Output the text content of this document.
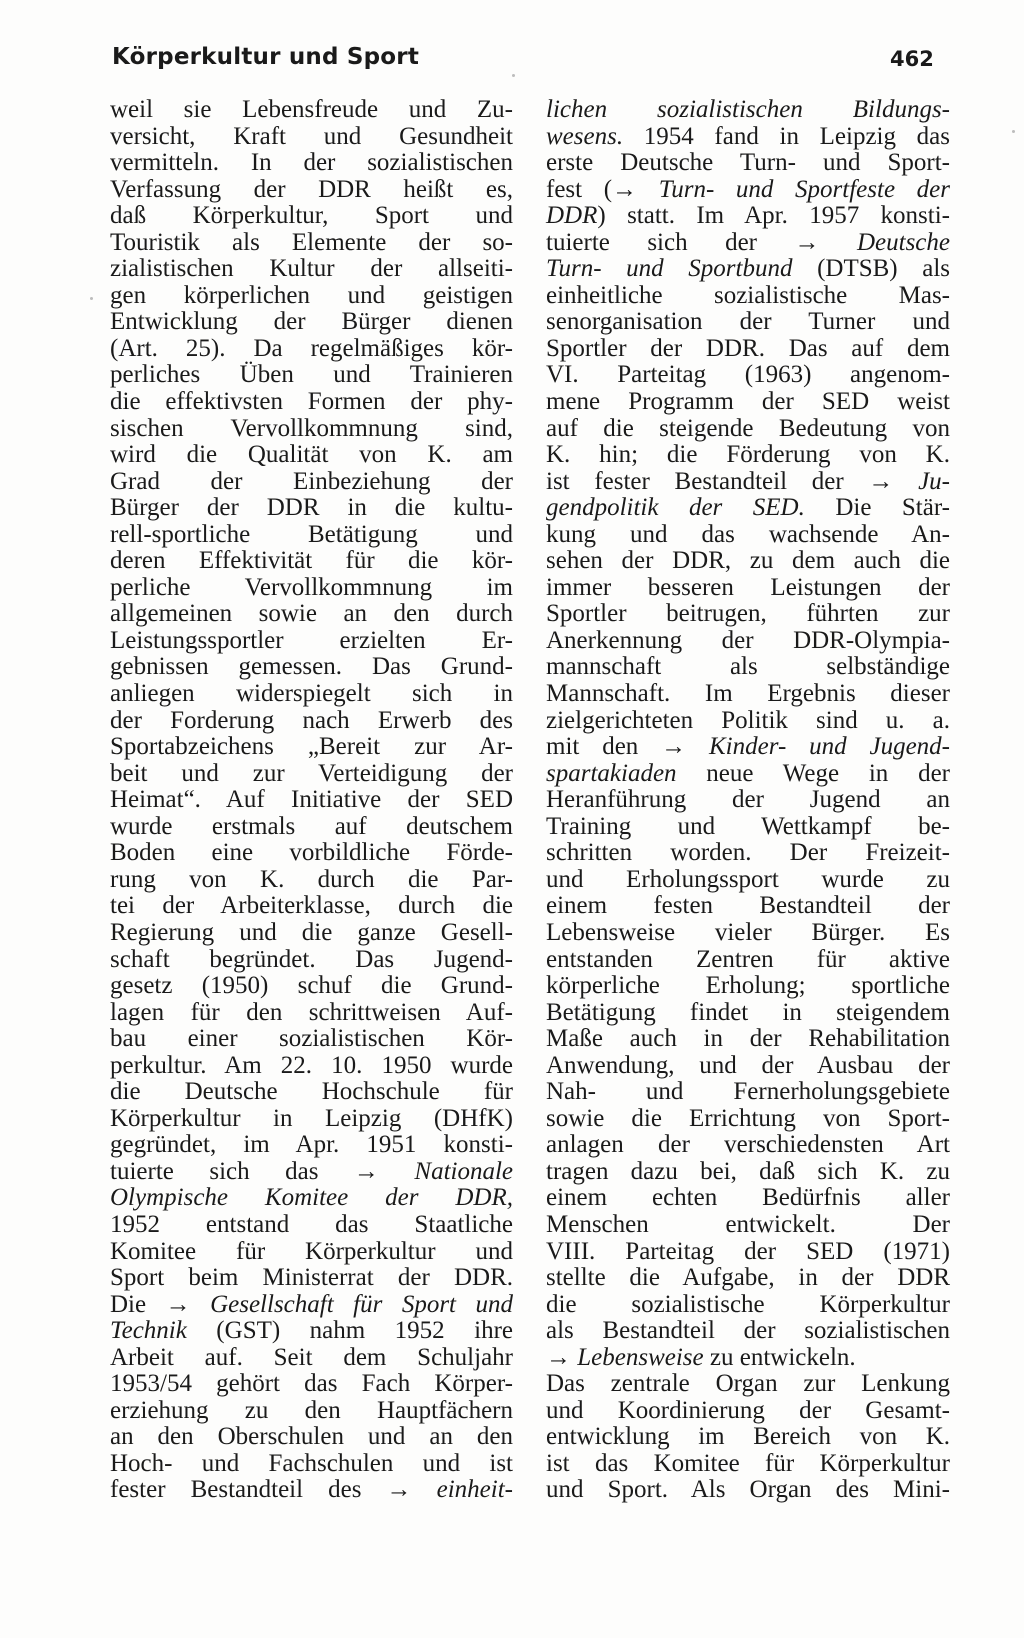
Körperkultur und Sport	462
weil sie Lebensfreude und Zu-
versicht, Kraft und Gesundheit
vermitteln. In der sozialistischen
Verfassung der DDR heißt es,
daß Körperkultur, Sport und
Touristik als Elemente der so-
zialistischen Kultur der allseiti-
gen körperlichen und geistigen
Entwicklung der Bürger dienen
(Art. 25). Da regelmäßiges kör-
perliches Üben und Trainieren
die effektivsten Formen der phy-
sischen Vervollkommnung sind,
wird die Qualität von K. am
Grad der Einbeziehung der
Bürger der DDR in die kultu-
rell-sportliche Betätigung und
deren Effektivität für die kör-
perliche Vervollkommnung im
allgemeinen sowie an den durch
Leistungssportler erzielten Er-
gebnissen gemessen. Das Grund-
anliegen widerspiegelt sich in
der Forderung nach Erwerb des
Sportabzeichens „Bereit zur Ar-
beit und zur Verteidigung der
Heimat“. Auf Initiative der SED
wurde erstmals auf deutschem
Boden eine vorbildliche Förde-
rung von K. durch die Par-
tei der Arbeiterklasse, durch die
Regierung und die ganze Gesell-
schaft begründet. Das Jugend-
gesetz (1950) schuf die Grund-
lagen für den schrittweisen Auf-
bau einer sozialistischen Kör-
perkultur. Am 22. 10. 1950 wurde
die Deutsche Hochschule für
Körperkultur in Leipzig (DHfK)
gegründet, im Apr. 1951 konsti-
tuierte sich das → Nationale
Olympische Komitee der DDR,
1952 entstand das Staatliche
Komitee für Körperkultur und
Sport beim Ministerrat der DDR.
Die → Gesellschaft für Sport und
Technik (GST) nahm 1952 ihre
Arbeit auf. Seit dem Schuljahr
1953/54 gehört das Fach Körper-
erziehung zu den Hauptfächern
an den Oberschulen und an den
Hoch- und Fachschulen und ist
fester Bestandteil des → einheit-
lichen sozialistischen Bildungs-
wesens. 1954 fand in Leipzig das
erste Deutsche Turn- und Sport-
fest (→ Turn- und Sportfeste der
DDR) statt. Im Apr. 1957 konsti-
tuierte sich der → Deutsche
Turn- und Sportbund (DTSB) als
einheitliche sozialistische Mas-
senorganisation der Turner und
Sportler der DDR. Das auf dem
VI. Parteitag (1963) angenom-
mene Programm der SED weist
auf die steigende Bedeutung von
K. hin; die Förderung von K.
ist fester Bestandteil der → Ju-
gendpolitik der SED. Die Stär-
kung und das wachsende An-
sehen der DDR, zu dem auch die
immer besseren Leistungen der
Sportler beitrugen, führten zur
Anerkennung der DDR-Olympia-
mannschaft als selbständige
Mannschaft. Im Ergebnis dieser
zielgerichteten Politik sind u. a.
mit den → Kinder- und Jugend-
spartakiaden neue Wege in der
Heranführung der Jugend an
Training und Wettkampf be-
schritten worden. Der Freizeit-
und Erholungssport wurde zu
einem festen Bestandteil der
Lebensweise vieler Bürger. Es
entstanden Zentren für aktive
körperliche Erholung; sportliche
Betätigung findet in steigendem
Maße auch in der Rehabilitation
Anwendung, und der Ausbau der
Nah- und Fernerholungsgebiete
sowie die Errichtung von Sport-
anlagen der verschiedensten Art
tragen dazu bei, daß sich K. zu
einem echten Bedürfnis aller
Menschen entwickelt. Der
VIII. Parteitag der SED (1971)
stellte die Aufgabe, in der DDR
die sozialistische Körperkultur
als Bestandteil der sozialistischen
→ Lebensweise zu entwickeln.
Das zentrale Organ zur Lenkung
und Koordinierung der Gesamt-
entwicklung im Bereich von K.
ist das Komitee für Körperkultur
und Sport. Als Organ des Mini-
